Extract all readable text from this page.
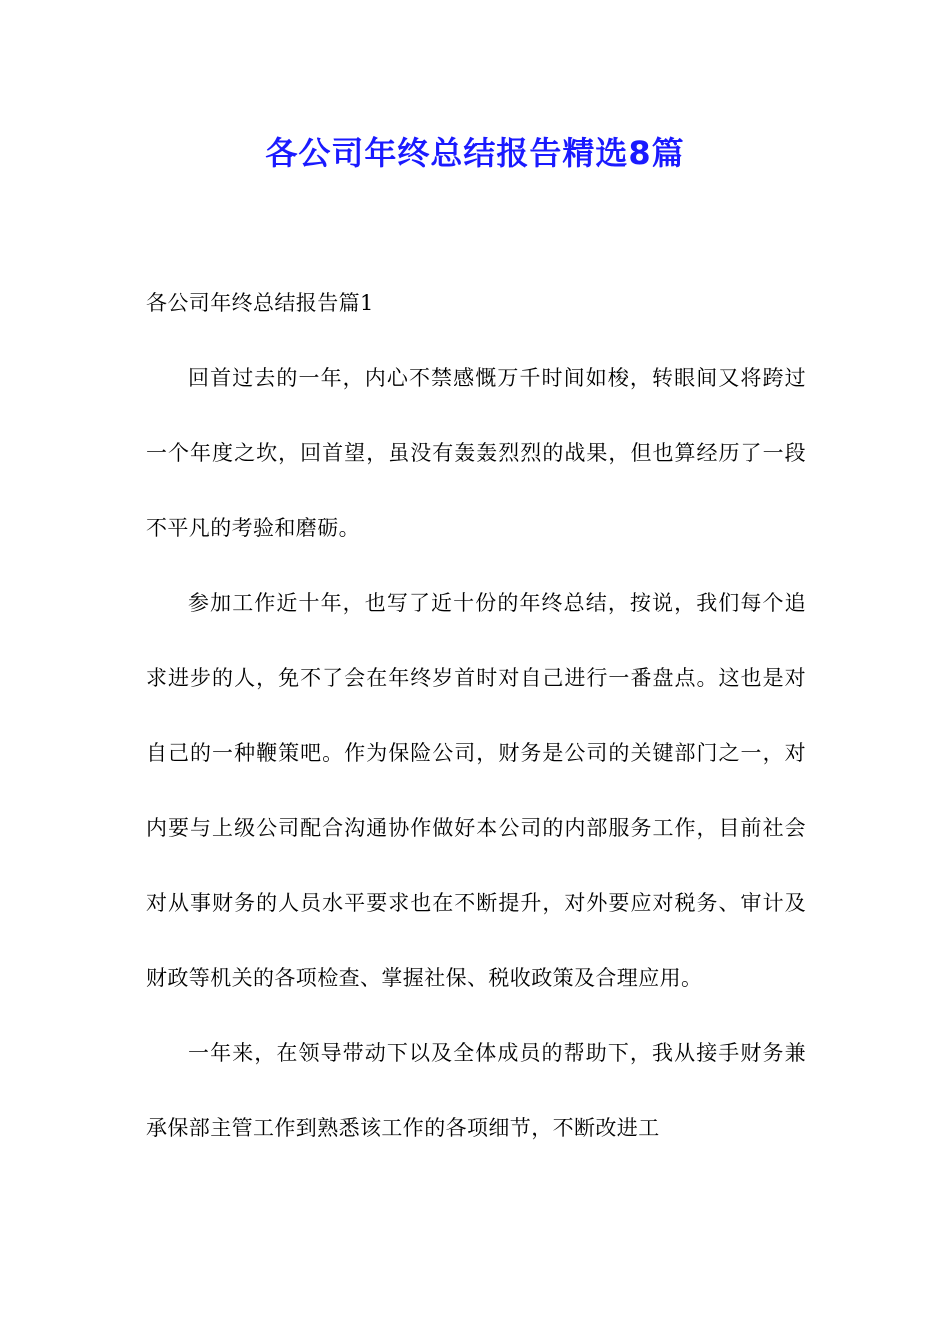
各公司年终总结报告精选8篇

各公司年终总结报告篇1

回首过去的一年，内心不禁感慨万千时间如梭，转眼间又将跨过一个年度之坎，回首望，虽没有轰轰烈烈的战果，但也算经历了一段不平凡的考验和磨砺。

参加工作近十年，也写了近十份的年终总结，按说，我们每个追求进步的人，免不了会在年终岁首时对自己进行一番盘点。这也是对自己的一种鞭策吧。作为保险公司，财务是公司的关键部门之一，对内要与上级公司配合沟通协作做好本公司的内部服务工作，目前社会对从事财务的人员水平要求也在不断提升，对外要应对税务、审计及财政等机关的各项检查、掌握社保、税收政策及合理应用。

一年来，在领导带动下以及全体成员的帮助下，我从接手财务兼承保部主管工作到熟悉该工作的各项细节，不断改进工
